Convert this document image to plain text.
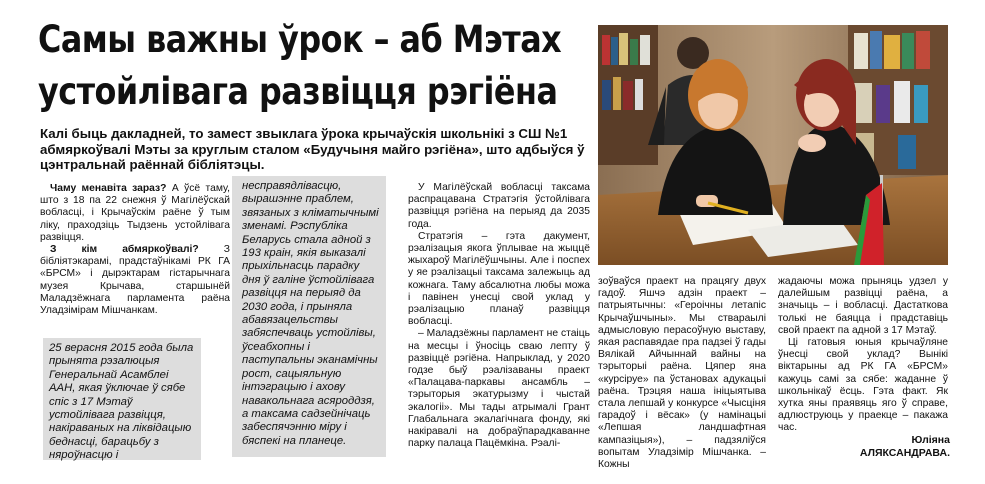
Самы важны ўрок – аб Мэтах
устойлівага развіцця рэгіёна

Калі быць дакладней, то замест звыклага ўрока крычаўскія школьнікі з СШ №1 абмяркоўвалі Мэты за круглым сталом «Будучыня майго рэгіёна», што адбыўся ў цэнтральнай раённай бібліятэцы.

Чаму менавіта зараз? А ўсё таму, што з 18 па 22 снежня ў Магілёўскай вобласці, і Крычаўскім раёне ў тым ліку, праходзіць Тыдзень устойлівага развіцця.

З кім абмяркоўвалі? З бібліятэкарамі, прадстаўнікамі РК ГА «БРСМ» і дырэктарам гістарычнага музея Крычава, старшынёй Маладзёжнага парламента раёна Уладзімірам Мішчанкам.

25 верасня 2015 года была прынята рэзалюцыя Генеральнай Асамблеі ААН, якая ўключае ў сябе спіс з 17 Мэтаў устойлівага развіцця, накіраваных на ліквідацыю беднасці, барацьбу з няроўнасцю і
несправядлівасцю, вырашэнне праблем, звязаных з кліматычнымі зменамі. Рэспубліка Беларусь стала адной з 193 краін, якія выказалі прыхільнасць парадку дня ў галіне ўстойлівага развіцця на перыяд да 2030 года, і прыняла абавязацельствы забяспечваць устойлівы, ўсеабхопны і паступальны эканамічны рост, сацыяльную інтэграцыю і ахову навакольнага асяроддзя, а таксама садзейнічаць забеспячэнню міру і бяспекі на планеце.

У Магілёўскай вобласці таксама распрацавана Стратэгія ўстойлівага развіцця рэгіёна на перыяд да 2035 года.

Стратэгія – гэта дакумент, рэалізацыя якога ўплывае на жыццё жыхароў Магілёўшчыны. Але і поспех у яе рэалізацыі таксама залежыць ад кожнага. Таму абсалютна любы можа і павінен унесці свой уклад у рэалізацыю планаў развіцця вобласці.

– Маладзёжны парламент не стаіць на месцы і ўносіць сваю лепту ў развіццё рэгіёна. Напрыклад, у 2020 годзе быў рэалізаваны праект «Палацава-паркавы ансамбль – тэрыторыя экатурызму і чыстай экалогіі». Мы тады атрымалі Грант Глабальнага экалагічнага фонду, які накіравалі на добраўпарадкаванне парку палаца Пацёмкіна. Рэалі-

зоўваўся праект на працягу двух гадоў. Яшчэ адзін праект – патрыятычны: «Героічны летапіс Крычаўшчыны». Мы ствараылі адмысловую перасоўную выставу, якая распавядае пра падзеі ў гады Вялікай Айчыннай вайны на тэрыторыі раёна. Цяпер яна «курсіруе» па ўстановах адукацыі раёна. Трэцяя наша ініцыятыва стала лепшай у конкурсе «Чысціня гарадоў і вёсак» (у намінацыі «Лепшая ландшафтная кампазіцыя»), – падзяліўся вопытам Уладзімір Мішчанка. – Кожны

жадаючы можа прыняць удзел у далейшым развіцці раёна, а значыць – і вобласці. Дастаткова толькі не баяцца і прадставіць свой праект па адной з 17 Мэтаў.

Ці гатовыя юныя крычаўляне ўнесці свой уклад? Вынікі віктарыны ад РК ГА «БРСМ» кажуць самі за сябе: жаданне ў школьнікаў ёсць. Гэта факт. Як хутка яны праявяць яго ў справе, адлюструюць у праекце – пакажа час.

Юліяна
АЛЯКСАНДРАВА.
